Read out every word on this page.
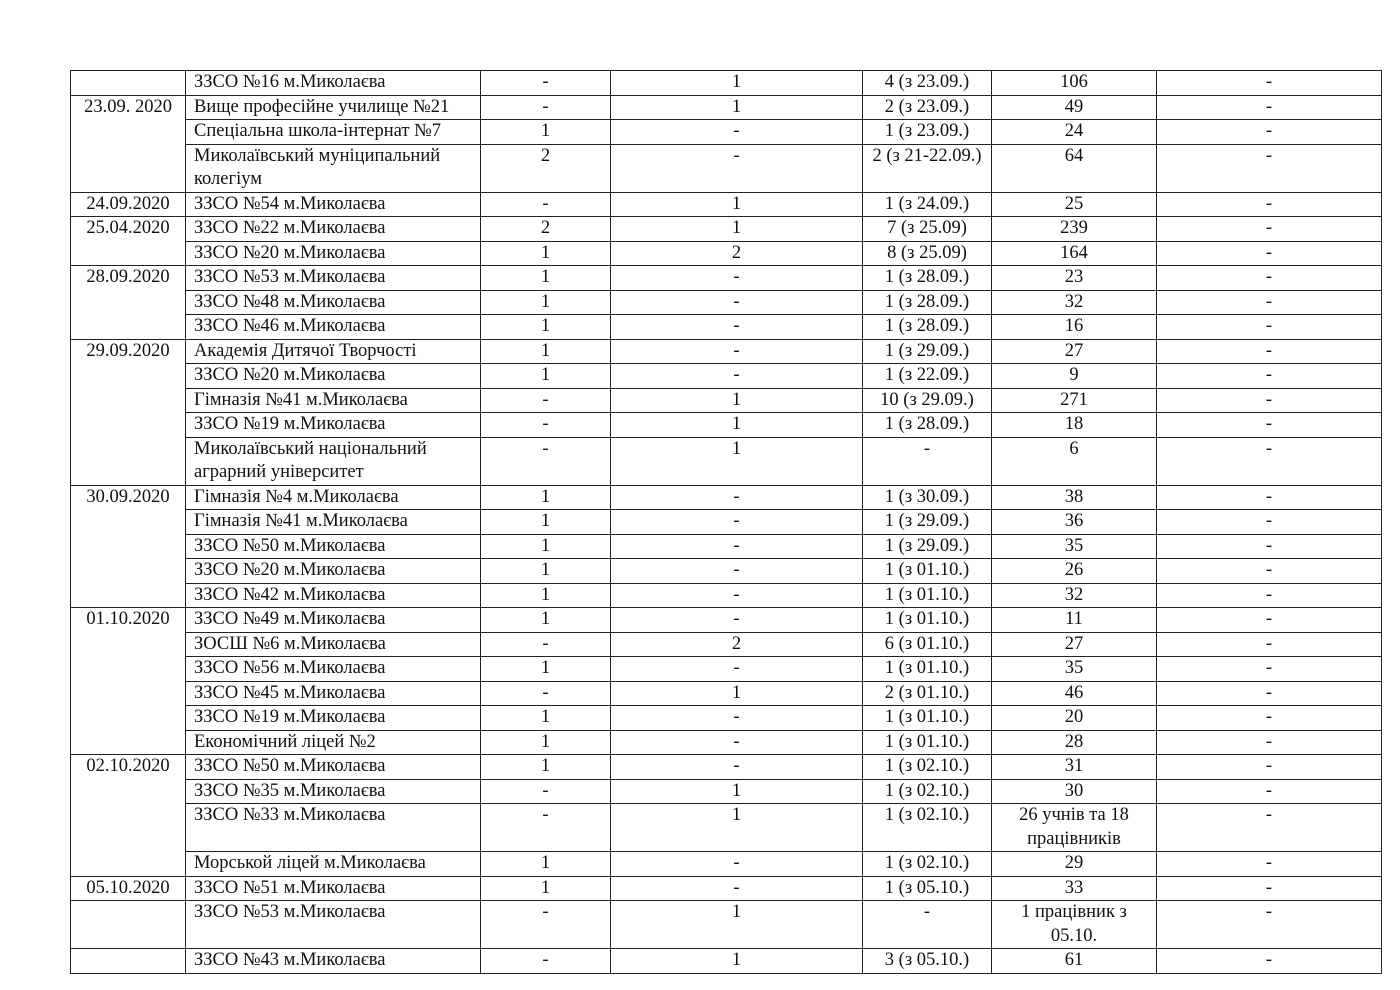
	ЗЗСО №16 м.Миколаєва	-	1	4 (з 23.09.)	106	-
23.09. 2020	Вище професійне училище №21	-	1	2 (з 23.09.)	49	-
	Спеціальна школа-інтернат №7	1	-	1 (з 23.09.)	24	-
	Миколаївський муніципальний колегіум	2	-	2 (з 21-22.09.)	64	-
24.09.2020	ЗЗСО №54 м.Миколаєва	-	1	1 (з 24.09.)	25	-
25.04.2020	ЗЗСО №22 м.Миколаєва	2	1	7 (з 25.09)	239	-
	ЗЗСО №20 м.Миколаєва	1	2	8 (з 25.09)	164	-
28.09.2020	ЗЗСО №53 м.Миколаєва	1	-	1 (з 28.09.)	23	-
	ЗЗСО №48 м.Миколаєва	1	-	1 (з 28.09.)	32	-
	ЗЗСО №46 м.Миколаєва	1	-	1 (з 28.09.)	16	-
29.09.2020	Академія Дитячої Творчості	1	-	1 (з 29.09.)	27	-
	ЗЗСО №20 м.Миколаєва	1	-	1 (з 22.09.)	9	-
	Гімназія №41 м.Миколаєва	-	1	10 (з 29.09.)	271	-
	ЗЗСО №19 м.Миколаєва	-	1	1 (з 28.09.)	18	-
	Миколаївський національний аграрний університет	-	1	-	6	-
30.09.2020	Гімназія №4 м.Миколаєва	1	-	1 (з 30.09.)	38	-
	Гімназія №41 м.Миколаєва	1	-	1 (з 29.09.)	36	-
	ЗЗСО №50 м.Миколаєва	1	-	1 (з 29.09.)	35	-
	ЗЗСО №20 м.Миколаєва	1	-	1 (з 01.10.)	26	-
	ЗЗСО №42 м.Миколаєва	1	-	1 (з 01.10.)	32	-
01.10.2020	ЗЗСО №49 м.Миколаєва	1	-	1 (з 01.10.)	11	-
	ЗОСШ №6 м.Миколаєва	-	2	6 (з 01.10.)	27	-
	ЗЗСО №56 м.Миколаєва	1	-	1 (з 01.10.)	35	-
	ЗЗСО №45 м.Миколаєва	-	1	2 (з 01.10.)	46	-
	ЗЗСО №19 м.Миколаєва	1	-	1 (з 01.10.)	20	-
	Економічний ліцей №2	1	-	1 (з 01.10.)	28	-
02.10.2020	ЗЗСО №50 м.Миколаєва	1	-	1 (з 02.10.)	31	-
	ЗЗСО №35 м.Миколаєва	-	1	1 (з 02.10.)	30	-
	ЗЗСО №33 м.Миколаєва	-	1	1 (з 02.10.)	26 учнів та 18 працівників	-
	Морськой ліцей м.Миколаєва	1	-	1 (з 02.10.)	29	-
05.10.2020	ЗЗСО №51 м.Миколаєва	1	-	1 (з 05.10.)	33	-
	ЗЗСО №53 м.Миколаєва	-	1	-	1 працівник з 05.10.	-
	ЗЗСО №43 м.Миколаєва	-	1	3 (з 05.10.)	61	-
